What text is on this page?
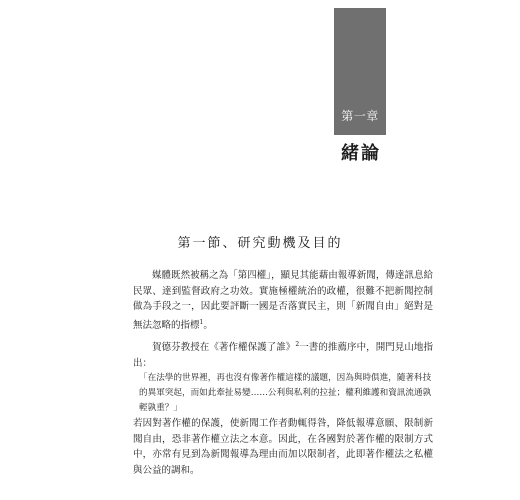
第一章
緒論
第一節、研究動機及目的

媒體既然被稱之為「第四權」，顯見其能藉由報導新聞，傳達訊息給民眾、達到監督政府之功效。實施極權統治的政權，很難不把新聞控制做為手段之一，因此要評斷一國是否落實民主，則「新聞自由」絕對是無法忽略的指標$^1$。

賀德芬教授在《著作權保護了誰》$^2$一書的推薦序中，開門見山地指出：

「在法學的世界裡，再也沒有像著作權這樣的議題，因為與時俱進，隨著科技的異軍突起，而如此牽扯易變……公利與私利的拉扯；權利維護和資訊流通孰輕孰重？」

若因對著作權的保護，使新聞工作者動輒得咎，降低報導意願、限制新聞自由，恐非著作權立法之本意。因此，在各國對於著作權的限制方式中，亦常有見到為新聞報導為理由而加以限制者，此即著作權法之私權與公益的調和。
